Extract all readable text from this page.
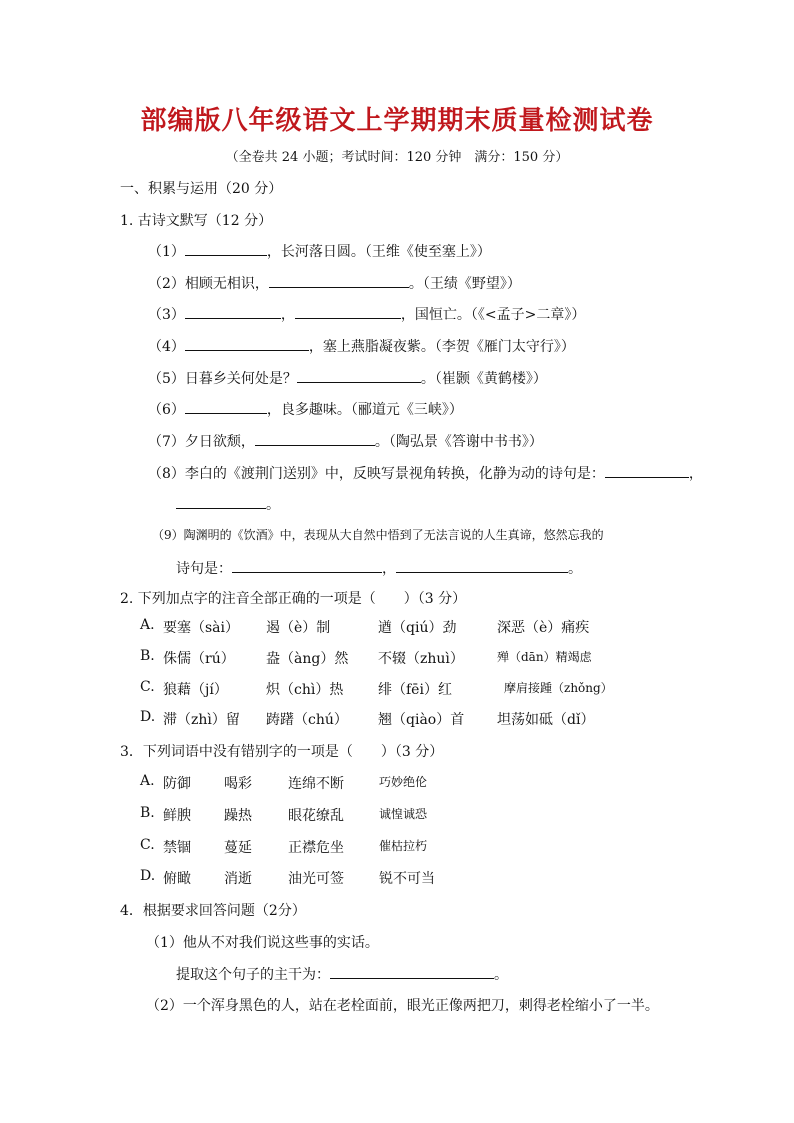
部编版八年级语文上学期期末质量检测试卷
（全卷共 24 小题；考试时间：120 分钟　满分：150 分）
一、积累与运用（20 分）
1. 古诗文默写（12 分）
（1）	，长河落日圆。（王维《使至塞上》）
（2）相顾无相识，	。（王绩《野望》）
（3）	，	，国恒亡。（《<孟子>二章》）
（4）	，塞上燕脂凝夜紫。（李贺《雁门太守行》）
（5）日暮乡关何处是？	。（崔颢《黄鹤楼》）
（6）	，良多趣味。（郦道元《三峡》）
（7）夕日欲颓，	。（陶弘景《答谢中书书》）
（8）李白的《渡荆门送别》中，反映写景视角转换，化静为动的诗句是：	，
。
（9）陶渊明的《饮酒》中，表现从大自然中悟到了无法言说的人生真谛，悠然忘我的
诗句是：	，	。
2. 下列加点字的注音全部正确的一项是（　　）（3 分）
A. 要塞（sài） 遏（è）制	遒（qiú）劲	深恶（è）痛疾
B. 侏儒（rú） 盎（àng）然 不辍（zhuì）	殚（dān）精竭虑
C. 狼藉（jí）	炽（chì）热 绯（fēi）红	摩肩接踵（zhǒng）
D. 滞（zhì）留 踌躇（chú） 翘（qiào）首 坦荡如砥（dǐ）
3．下列词语中没有错别字的一项是（　　）（3 分）
A. 防御 喝彩	连绵不断	巧妙绝伦
B. 鲜腴 躁热	眼花缭乱	诚惶诚恐
C. 禁锢 蔓延	正襟危坐	催枯拉朽
D. 俯瞰 消逝	油光可签	锐不可当
4．根据要求回答问题（2分）
（1）他从不对我们说这些事的实话。
提取这个句子的主干为：	。
（2）一个浑身黑色的人，站在老栓面前，眼光正像两把刀，刺得老栓缩小了一半。
